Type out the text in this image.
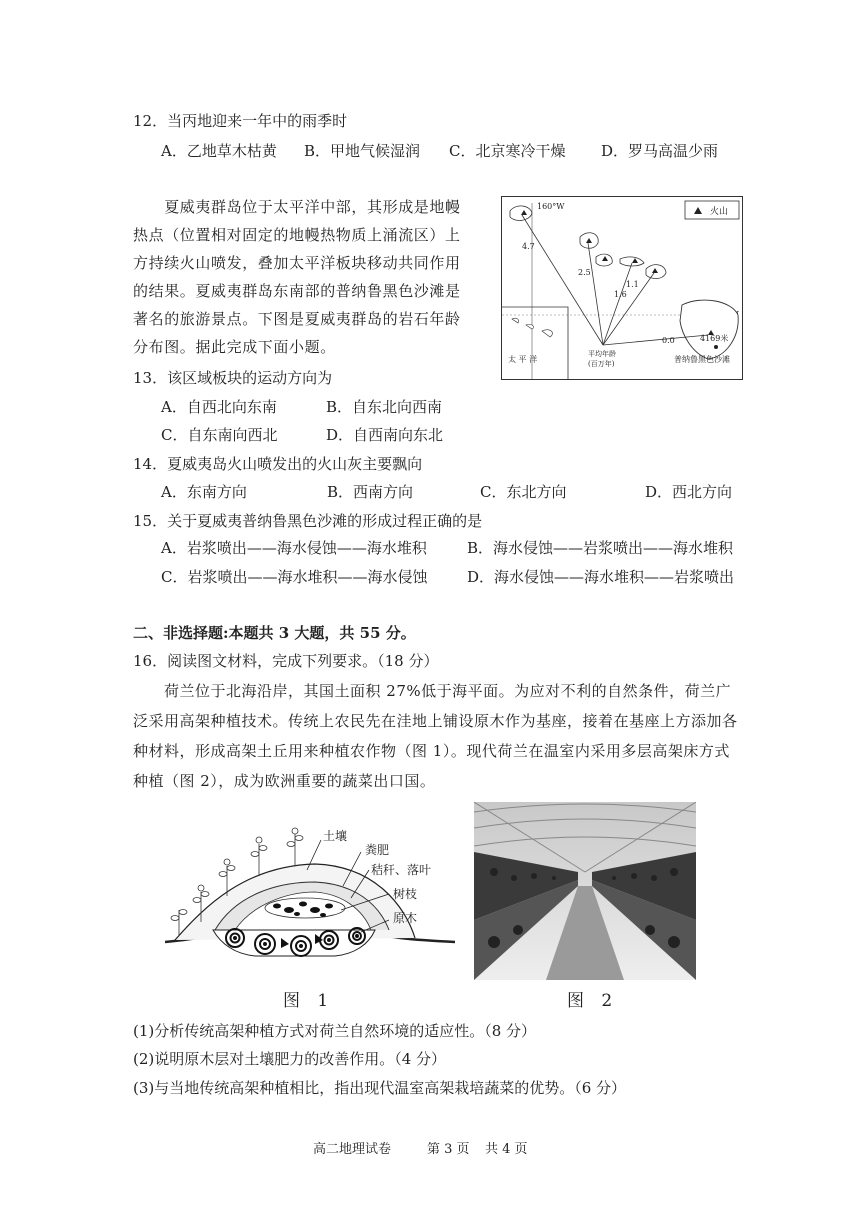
12．当丙地迎来一年中的雨季时
A．乙地草木枯黄 B．甲地气候湿润 C．北京寒冷干燥 D．罗马高温少雨
　　夏威夷群岛位于太平洋中部，其形成是地幔热点（位置相对固定的地幔热物质上涌流区）上方持续火山喷发，叠加太平洋板块移动共同作用的结果。夏威夷群岛东南部的普纳鲁黑色沙滩是著名的旅游景点。下图是夏威夷群岛的岩石年龄分布图。据此完成下面小题。
火山
160°W
太 平 洋
4.7
2.5
1.6
1.1
0.0	4169米
普纳鲁黑色沙滩
平均年龄
(百万年)
13．该区域板块的运动方向为
A．自西北向东南	B．自东北向西南
C．自东南向西北	D．自西南向东北
14．夏威夷岛火山喷发出的火山灰主要飘向
A．东南方向	B．西南方向	C．东北方向	D．西北方向
15．关于夏威夷普纳鲁黑色沙滩的形成过程正确的是
A．岩浆喷出——海水侵蚀——海水堆积	B．海水侵蚀——岩浆喷出——海水堆积
C．岩浆喷出——海水堆积——海水侵蚀	D．海水侵蚀——海水堆积——岩浆喷出
二、非选择题:本题共 3 大题，共 55 分。
16．阅读图文材料，完成下列要求。（18 分）
　　荷兰位于北海沿岸，其国土面积 27%低于海平面。为应对不利的自然条件，荷兰广泛采用高架种植技术。传统上农民先在洼地上铺设原木作为基座，接着在基座上方添加各种材料，形成高架土丘用来种植农作物（图 1）。现代荷兰在温室内采用多层高架床方式种植（图 2），成为欧洲重要的蔬菜出口国。
土壤
粪肥
秸秆、落叶
树枝
原木
图 1	图 2
(1)分析传统高架种植方式对荷兰自然环境的适应性。（8 分）
(2)说明原木层对土壤肥力的改善作用。（4 分）
(3)与当地传统高架种植相比，指出现代温室高架栽培蔬菜的优势。（6 分）
高二地理试卷	第 3 页 共 4 页
